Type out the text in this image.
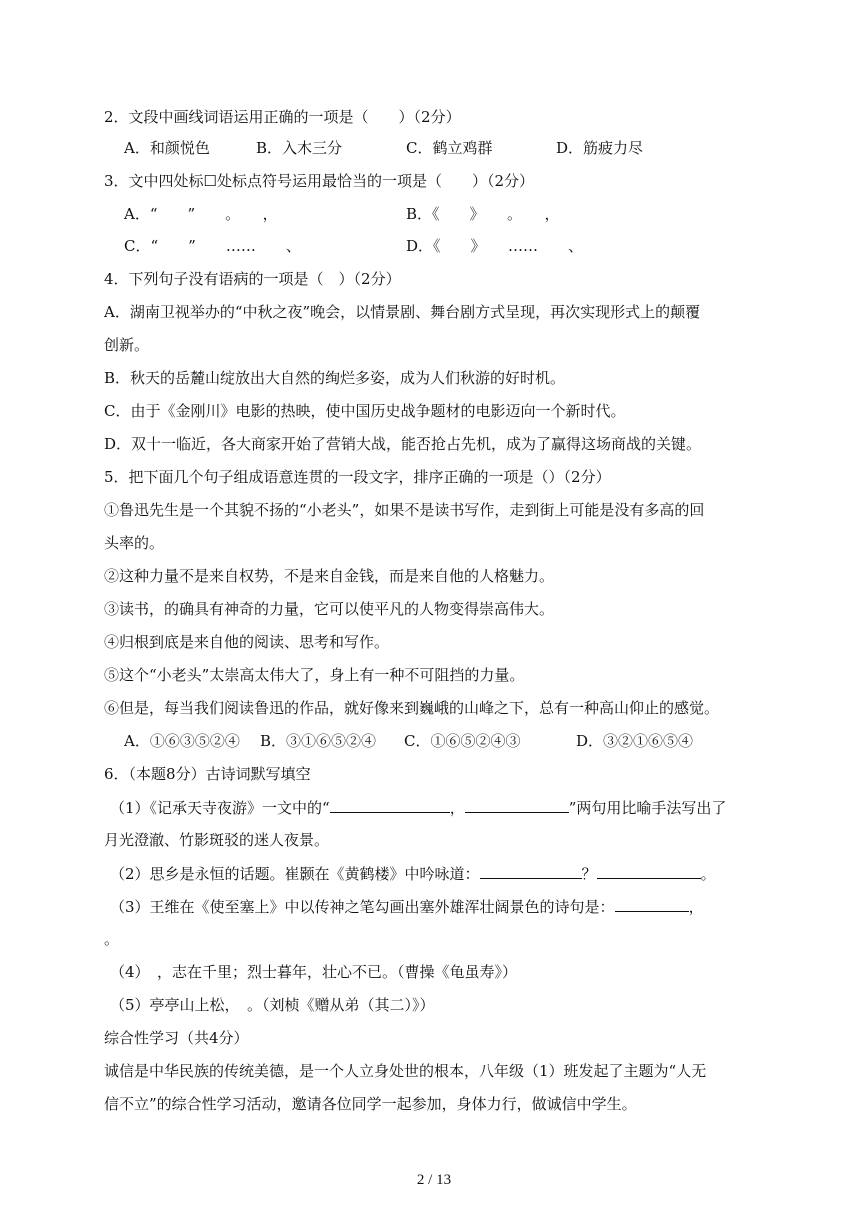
2．文段中画线词语运用正确的一项是（　　）（2分）
A．和颜悦色	B．入木三分	C．鹤立鸡群	D．筋疲力尽
3．文中四处标☐处标点符号运用最恰当的一项是（　　）（2分）
A．“　　”　　。　　，	B．《　　》　　。　　，
C．“　　”　　……　　、	D．《　　》　　……　　、
4．下列句子没有语病的一项是（　）（2分）
A．湖南卫视举办的“中秋之夜”晚会，以情景剧、舞台剧方式呈现，再次实现形式上的颠覆
创新。
B．秋天的岳麓山绽放出大自然的绚烂多姿，成为人们秋游的好时机。
C．由于《金刚川》电影的热映，使中国历史战争题材的电影迈向一个新时代。
D．双十一临近，各大商家开始了营销大战，能否抢占先机，成为了赢得这场商战的关键。
5．把下面几个句子组成语意连贯的一段文字，排序正确的一项是（）（2分）
①鲁迅先生是一个其貌不扬的“小老头”，如果不是读书写作，走到街上可能是没有多高的回
头率的。
②这种力量不是来自权势，不是来自金钱，而是来自他的人格魅力。
③读书，的确具有神奇的力量，它可以使平凡的人物变得崇高伟大。
④归根到底是来自他的阅读、思考和写作。
⑤这个“小老头”太崇高太伟大了，身上有一种不可阻挡的力量。
⑥但是，每当我们阅读鲁迅的作品，就好像来到巍峨的山峰之下，总有一种高山仰止的感觉。
A．①⑥③⑤②④ B．③①⑥⑤②④ C．①⑥⑤②④③	D．③②①⑥⑤④
6．（本题8分）古诗词默写填空
（1）《记承天寺夜游》一文中的“	，	”两句用比喻手法写出了
月光澄澈、竹影斑驳的迷人夜景。
（2）思乡是永恒的话题。崔颢在《黄鹤楼》中吟咏道：	？	。
（3）王维在《使至塞上》中以传神之笔勾画出塞外雄浑壮阔景色的诗句是：	，
。
（4）　，志在千里；烈士暮年，壮心不已。（曹操《龟虽寿》）
（5）亭亭山上松，　。（刘桢《赠从弟（其二）》）
综合性学习（共4分）
诚信是中华民族的传统美德，是一个人立身处世的根本，八年级（1）班发起了主题为“人无
信不立”的综合性学习活动，邀请各位同学一起参加，身体力行，做诚信中学生。
2 / 13
